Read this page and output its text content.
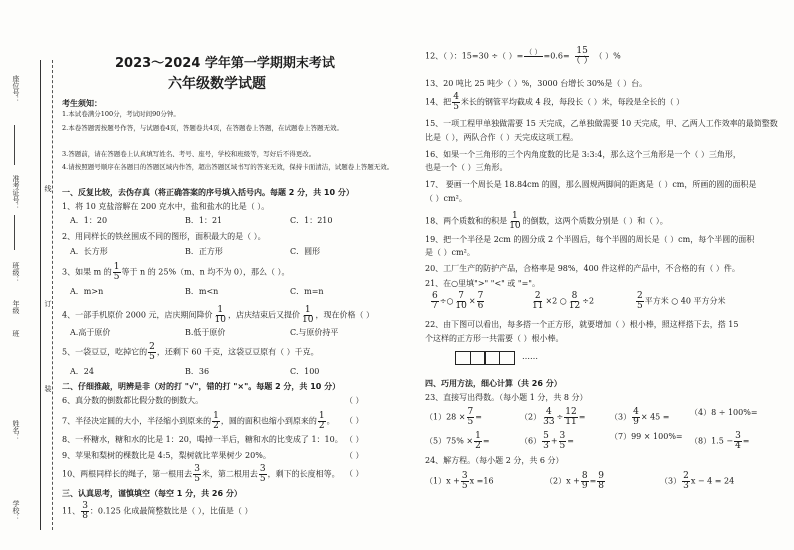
座位号：
准考证号：
班级：
年级
班
姓名：
学校：
线
订
装
2023～2024 学年第一学期期末考试
六年级数学试题
考生须知：
1.本试卷满分100分，考试时间90分钟。
2.本卷答题需按题号作答，与试题卷4页，答题卷共4页，在答题卷上答题，在试题卷上答题无效。
3.答题前，请在答题卷上认真填写姓名、考号、座号，学校和班级等，写好后不得更改。
4.请按照题号顺序在各题目的答题区域内作答，超出答题区域书写的答案无效，保持卡面清洁，试题卷上答题无效。
一、反复比较，去伪存真（将正确答案的序号填入括号内。每题 2 分，共 10 分）
1、将 10 克盐溶解在 200 克水中，盐和盐水的比是（ ）。
A．1：20	B．1：21	C．1：210
2、用同样长的铁丝围成不同的图形，面积最大的是（ ）。
A．长方形	B．正方形	C．圆形
3、如果 m 的 $\frac{1}{5}$ 等于 n 的 25%（m、n 均不为 0），那么（ ）。
A．m>n	B．m<n	C．m=n
4、一部手机原价 2000 元，店庆期间降价 $\frac{1}{10}$ ，店庆结束后又提价 $\frac{1}{10}$ ，现在价格（ ）
A.高于原价	B.低于原价	C.与原价持平
5、一袋豆豆，吃掉它的 $\frac{2}{5}$ ，还剩下 60 千克，这袋豆豆原有（ ）千克。
A．24	B．36	C．100
二、仔细推敲，明辨是非（对的打 "√"，错的打 "×"。每题 2 分，共 10 分）
6、真分数的倒数都比假分数的倒数大。	（ ）
7、半径决定圆的大小，半径缩小到原来的 $\frac{1}{2}$ ，圆的面积也缩小到原来的 $\frac{1}{2}$ 。 （ ）
8、一杯糖水，糖和水的比是 1：20，喝掉一半后，糖和水的比变成了 1：10。 （ ）
9、苹果和梨树的棵数比是 4:5，梨树就比苹果树少 20%。	（ ）
10、两根同样长的绳子，第一根用去 $\frac{3}{5}$ 米，第二根用去 $\frac{3}{5}$ ，剩下的长度相等。 （ ）
三、认真思考，谨慎填空（每空 1 分，共 26 分）
11、 $\frac{3}{8}$ ：0.125 化成最简整数比是（ ），比值是（ ）
12、（ ）：15=30 ÷（ ）= （ ）
$=0.6= \frac{15}{( )}$ （ ）%
13、20 吨比 25 吨少（ ）%，3000 台增长 30%是（ ）台。
14、把 $\frac{4}{5}$ 米长的钢管平均截成 4 段，每段长（ ）米，每段是全长的（ ）
15、一项工程甲单独做需要 15 天完成，乙单独做需要 10 天完成，甲、乙两人工作效率的最简整数
比是（ ），两队合作（ ）天完成这项工程。
16、如果一个三角形的三个内角度数的比是 3:3:4，那么这个三角形是一个（ ）三角形，
也是一个（ ）三角形。
17、 要画一个周长是 18.84cm 的圆，那么圆规两脚间的距离是（ ）cm，所画的圆的面积是
（ ）cm²。
18、两个质数和的积是 $\frac{1}{10}$ 的倒数，这两个质数分别是（ ）和（ ）。
19、把一个半径是 2cm 的圆分成 2 个半圆后，每个半圆的周长是（ ）cm，每个半圆的面积
是（ ）cm²。
20、工厂生产的防护产品，合格率是 98%，400 件这样的产品中，不合格的有（ ）件。
21、在○里填">" "<" 或 "="。
$\frac{6}{7}$ ÷○ $\frac{7}{10} \times \frac{7}{6}$	$\frac{2}{11} \times 2$ ○ $\frac{8}{12} \div 2$	$\frac{2}{5}$ 平方米 ○ 40 平方分米
22、由下图可以看出，每多搭一个正方形，就要增加（ ）根小棒，照这样搭下去，搭 15
个这样的正方形一共需要（ ）根小棒。
……
四、巧用方法，细心计算（共 26 分）
23、直接写出得数。（每小题 1 分，共 8 分）
$(1)28 \times \frac{7}{5}$ =	$(2) \frac{4}{33} \div \frac{12}{11}$ =	$(3) \frac{4}{9} \times 45$ =	（4）8 ÷ 100%=
$(5)75\% \times \frac{1}{2}$ =	$(6) \frac{5}{3} + \frac{3}{5}$ =	$(7)99 \times 100\%= (8)1.5 - \frac{3}{4}$ =
24、解方程。（每小题 2 分，共 6 分）
$(1)x + \frac{3}{5}$ x =16	$(2)x + \frac{8}{9} = \frac{9}{8}$	$(3) \frac{2}{3}$ x − 4 = 24
